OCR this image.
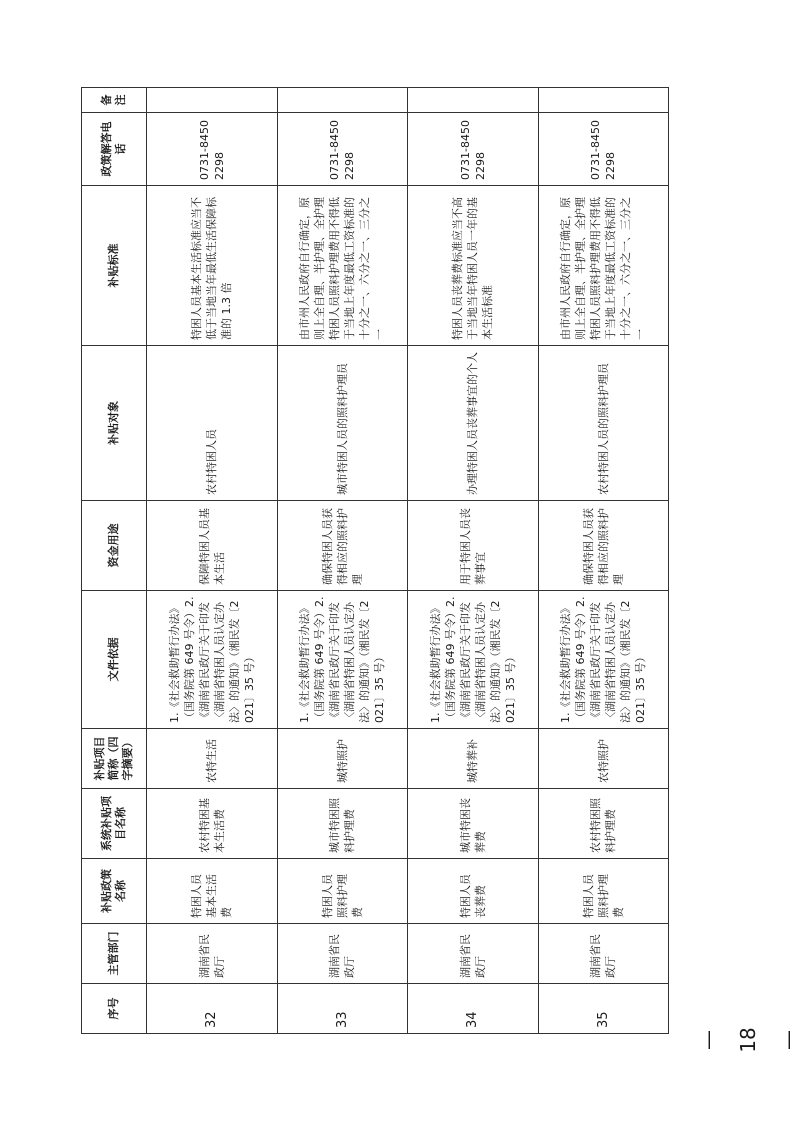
序号	主管部门	补贴政策名称	系统补贴项目名称	补贴项目简称（四字摘要）	文件依据	资金用途	补贴对象	补贴标准	政策解答电话	备注
32	湖南省民政厅	特困人员基本生活费	农村特困基本生活费	农特生活	1.《社会救助暂行办法》（国务院第 649 号令）2.《湖南省民政厅关于印发〈湖南省特困人员认定办法〉的通知》（湘民发〔2021〕35 号）	保障特困人员基本生活	农村特困人员	特困人员基本生活标准应当不低于当地当年最低生活保障标准的 1.3 倍	0731-84502298	
33	湖南省民政厅	特困人员照料护理费	城市特困照料护理费	城特照护	1.《社会救助暂行办法》（国务院第 649 号令）2.《湖南省民政厅关于印发〈湖南省特困人员认定办法〉的通知》（湘民发〔2021〕35 号）	确保特困人员获得相应的照料护理	城市特困人员的照料护理员	由市州人民政府自行确定，原则上全自理、半护理、全护理特困人员照料护理费用不得低于当地上年度最低工资标准的十分之一、六分之一、三分之一	0731-84502298	
34	湖南省民政厅	特困人员丧葬费	城市特困丧葬费	城特葬补	1.《社会救助暂行办法》（国务院第 649 号令）2.《湖南省民政厅关于印发〈湖南省特困人员认定办法〉的通知》（湘民发〔2021〕35 号）	用于特困人员丧葬事宜	办理特困人员丧葬事宜的个人	特困人员丧葬费标准应当不高于当地当年特困人员一年的基本生活标准	0731-84502298	
35	湖南省民政厅	特困人员照料护理费	农村特困照料护理费	农特照护	1.《社会救助暂行办法》（国务院第 649 号令）2.《湖南省民政厅关于印发〈湖南省特困人员认定办法〉的通知》（湘民发〔2021〕35 号）	确保特困人员获得相应的照料护理	农村特困人员的照料护理员	由市州人民政府自行确定，原则上全自理、半护理、全护理特困人员照料护理费用不得低于当地上年度最低工资标准的十分之一、六分之一、三分之一	0731-84502298	
— 18 —
